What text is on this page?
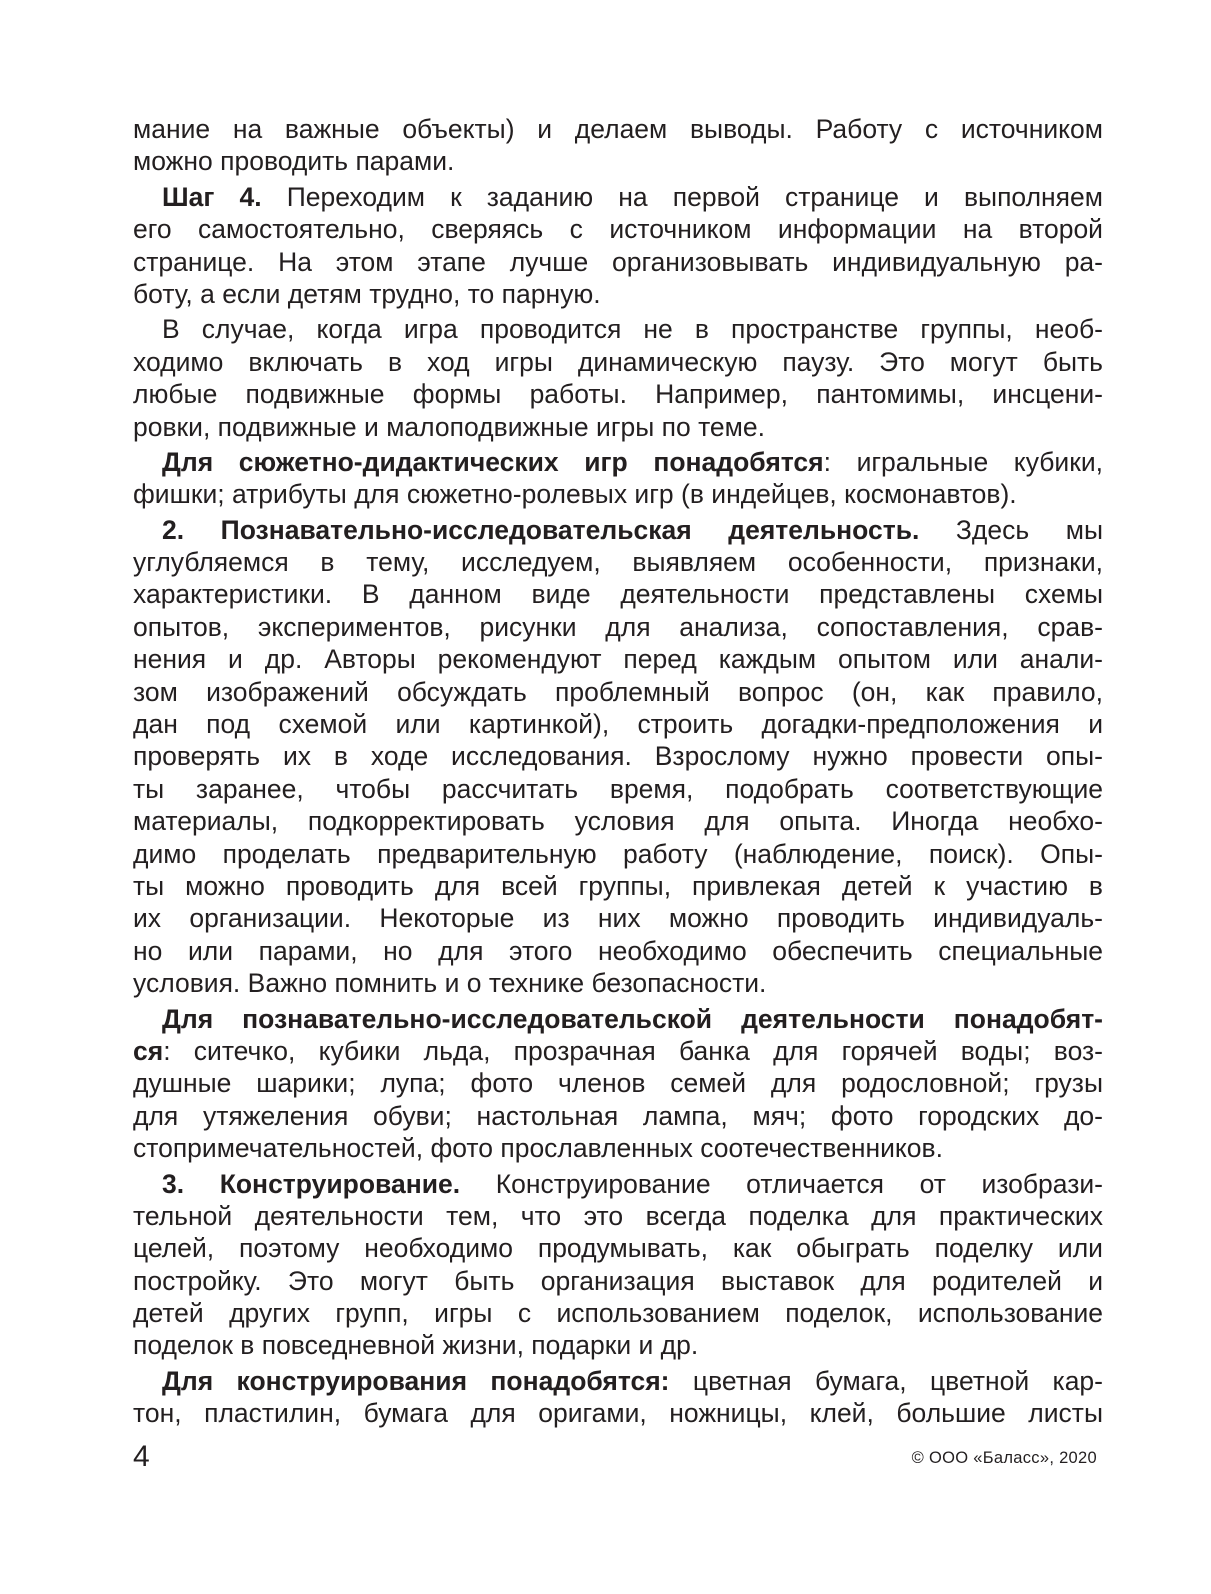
мание на важные объекты) и делаем выводы. Работу с источником
можно проводить парами.
Шаг 4. Переходим к заданию на первой странице и выполняем
его самостоятельно, сверяясь с источником информации на второй
странице. На этом этапе лучше организовывать индивидуальную ра-
боту, а если детям трудно, то парную.
В случае, когда игра проводится не в пространстве группы, необ-
ходимо включать в ход игры динамическую паузу. Это могут быть
любые подвижные формы работы. Например, пантомимы, инсцени-
ровки, подвижные и малоподвижные игры по теме.
Для сюжетно-дидактических игр понадобятся: игральные кубики,
фишки; атрибуты для сюжетно-ролевых игр (в индейцев, космонавтов).
2. Познавательно-исследовательская деятельность. Здесь мы
углубляемся в тему, исследуем, выявляем особенности, признаки,
характеристики. В данном виде деятельности представлены схемы
опытов, экспериментов, рисунки для анализа, сопоставления, срав-
нения и др. Авторы рекомендуют перед каждым опытом или анали-
зом изображений обсуждать проблемный вопрос (он, как правило,
дан под схемой или картинкой), строить догадки-предположения и
проверять их в ходе исследования. Взрослому нужно провести опы-
ты заранее, чтобы рассчитать время, подобрать соответствующие
материалы, подкорректировать условия для опыта. Иногда необхо-
димо проделать предварительную работу (наблюдение, поиск). Опы-
ты можно проводить для всей группы, привлекая детей к участию в
их организации. Некоторые из них можно проводить индивидуаль-
но или парами, но для этого необходимо обеспечить специальные
условия. Важно помнить и о технике безопасности.
Для познавательно-исследовательской деятельности понадобят-
ся: ситечко, кубики льда, прозрачная банка для горячей воды; воз-
душные шарики; лупа; фото членов семей для родословной; грузы
для утяжеления обуви; настольная лампа, мяч; фото городских до-
стопримечательностей, фото прославленных соотечественников.
3. Конструирование. Конструирование отличается от изобрази-
тельной деятельности тем, что это всегда поделка для практических
целей, поэтому необходимо продумывать, как обыграть поделку или
постройку. Это могут быть организация выставок для родителей и
детей других групп, игры с использованием поделок, использование
поделок в повседневной жизни, подарки и др.
Для конструирования понадобятся: цветная бумага, цветной кар-
тон, пластилин, бумага для оригами, ножницы, клей, большие листы
4	© ООО «Баласс», 2020
